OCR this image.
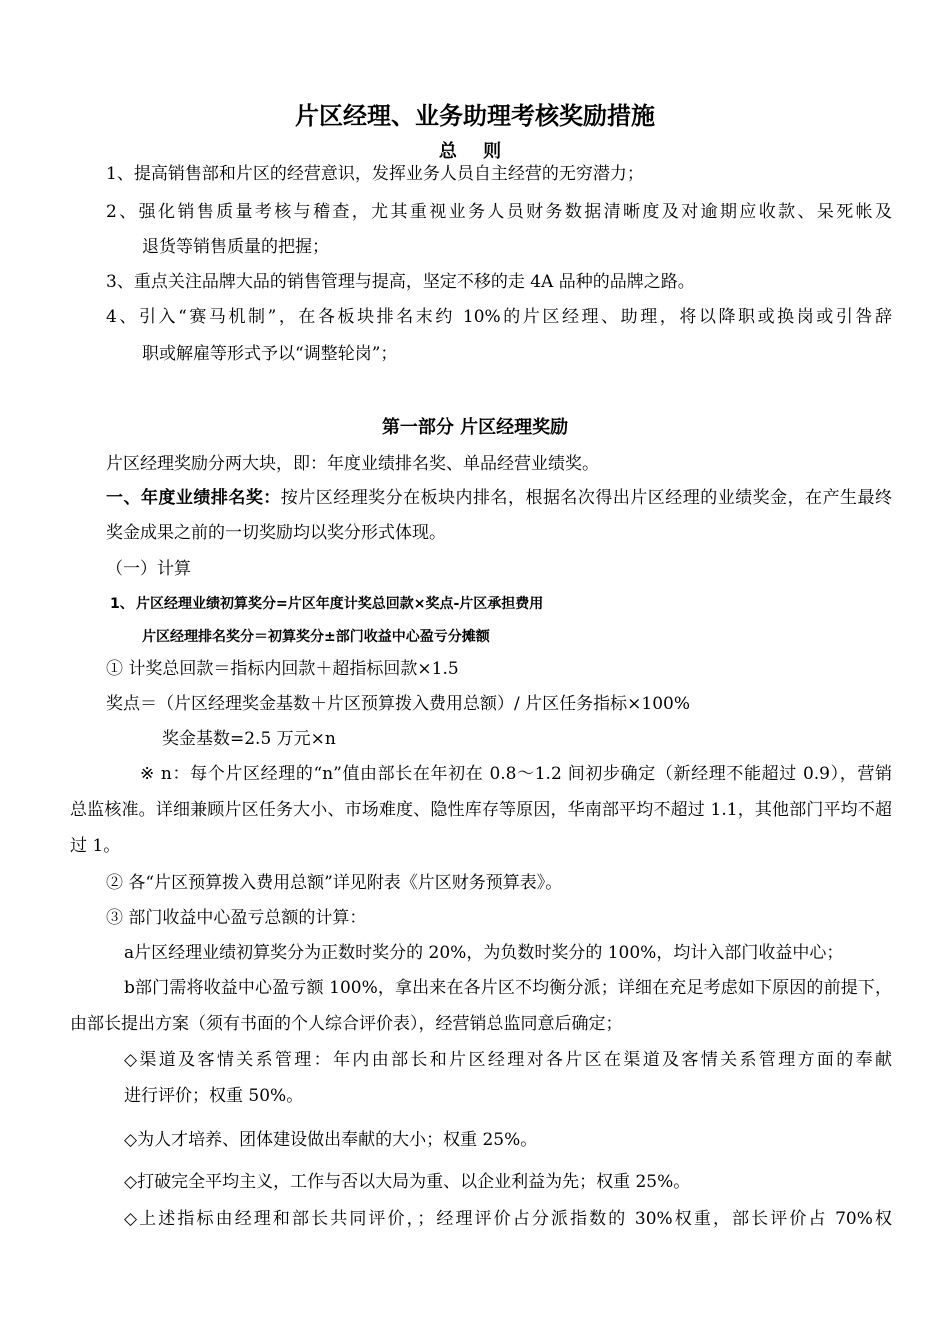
片区经理、业务助理考核奖励措施
总 则
1、提高销售部和片区的经营意识，发挥业务人员自主经营的无穷潜力；
2、强化销售质量考核与稽查，尤其重视业务人员财务数据清晰度及对逾期应收款、呆死帐及
退货等销售质量的把握；
3、重点关注品牌大品的销售管理与提高，坚定不移的走 4A 品种的品牌之路。
4、引入“赛马机制”，在各板块排名末约 10%的片区经理、助理，将以降职或换岗或引咎辞
职或解雇等形式予以“调整轮岗”；
第一部分 片区经理奖励
片区经理奖励分两大块，即：年度业绩排名奖、单品经营业绩奖。
一、年度业绩排名奖：按片区经理奖分在板块内排名，根据名次得出片区经理的业绩奖金，在产生最终
奖金成果之前的一切奖励均以奖分形式体现。
（一）计算
1、 片区经理业绩初算奖分=片区年度计奖总回款×奖点-片区承担费用
片区经理排名奖分＝初算奖分±部门收益中心盈亏分摊额
① 计奖总回款＝指标内回款＋超指标回款×1.5
奖点＝（片区经理奖金基数＋片区预算拨入费用总额）/ 片区任务指标×100%
奖金基数=2.5 万元×n
※ n：每个片区经理的“n”值由部长在年初在 0.8～1.2 间初步确定（新经理不能超过 0.9），营销
总监核准。详细兼顾片区任务大小、市场难度、隐性库存等原因，华南部平均不超过 1.1，其他部门平均不超
过 1。
② 各“片区预算拨入费用总额”详见附表《片区财务预算表》。
③ 部门收益中心盈亏总额的计算：
a片区经理业绩初算奖分为正数时奖分的 20%，为负数时奖分的 100%，均计入部门收益中心；
b部门需将收益中心盈亏额 100%，拿出来在各片区不均衡分派；详细在充足考虑如下原因的前提下，
由部长提出方案（须有书面的个人综合评价表），经营销总监同意后确定；
◇渠道及客情关系管理：年内由部长和片区经理对各片区在渠道及客情关系管理方面的奉献
进行评价；权重 50%。
◇为人才培养、团体建设做出奉献的大小；权重 25%。
◇打破完全平均主义，工作与否以大局为重、以企业利益为先；权重 25%。
◇上述指标由经理和部长共同评价，；经理评价占分派指数的 30%权重，部长评价占 70%权
